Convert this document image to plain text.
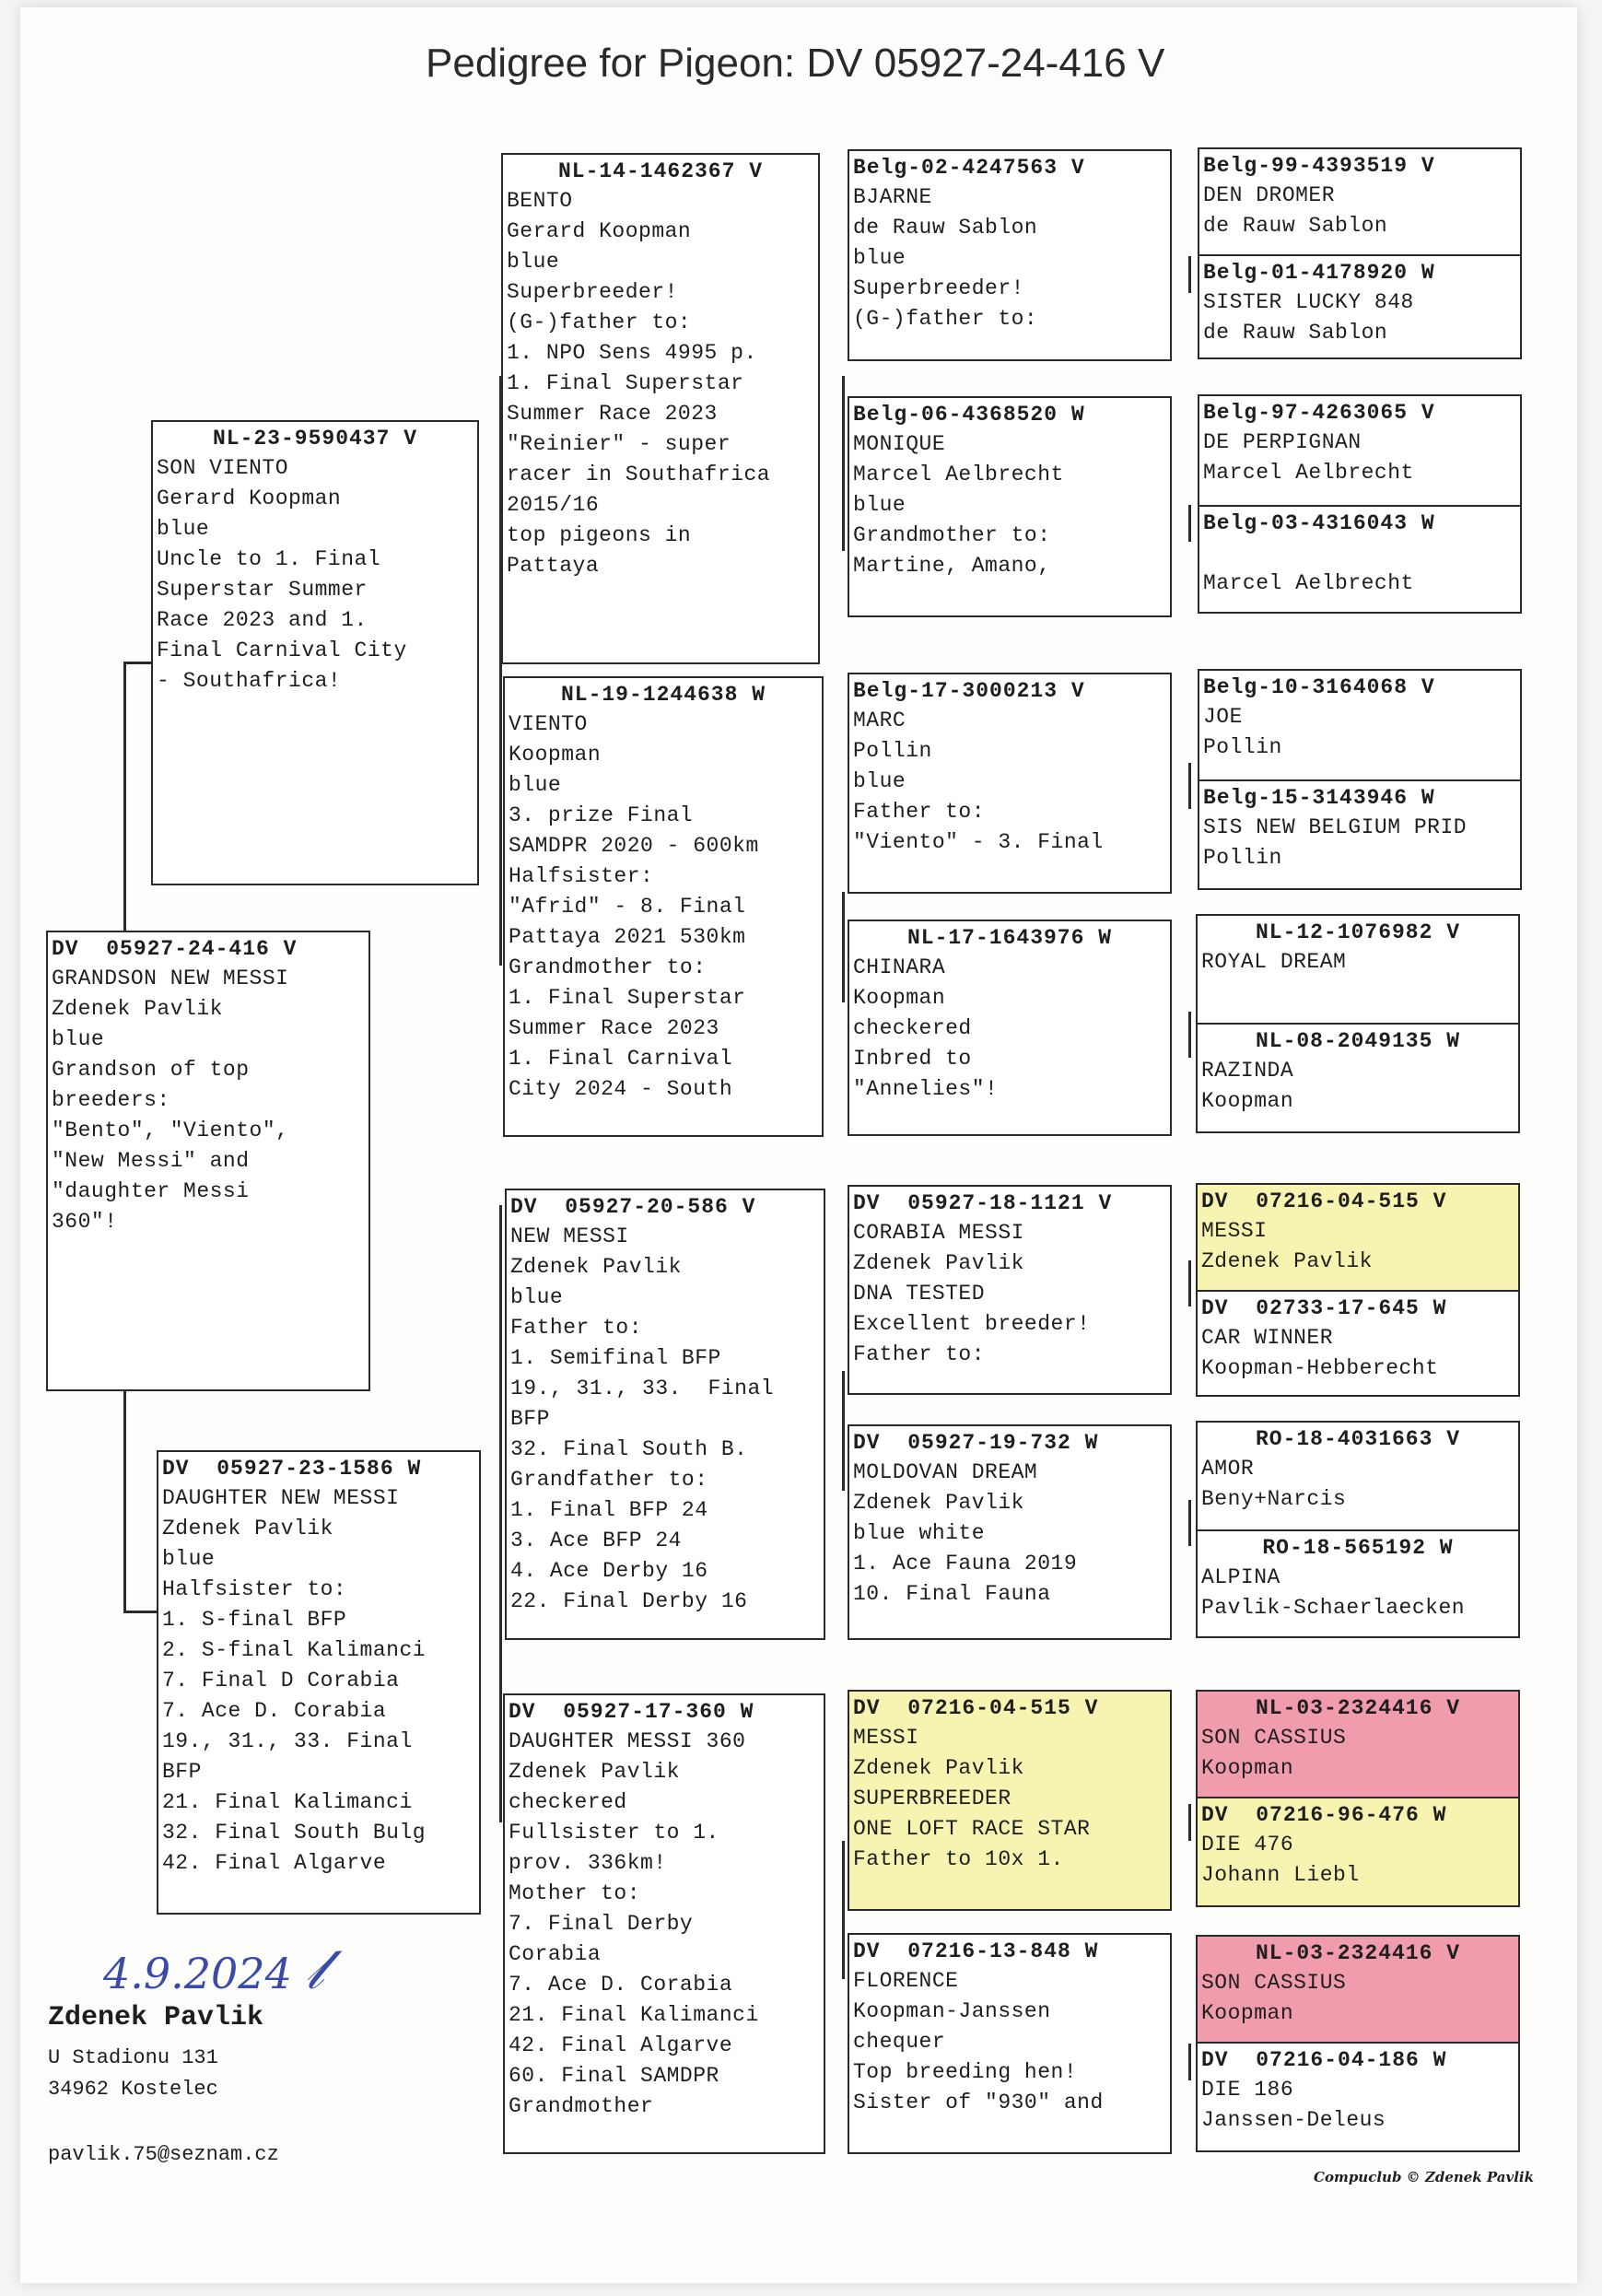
Pedigree for Pigeon: DV 05927-24-416 V
DV  05927-24-416 V
GRANDSON NEW MESSI
Zdenek Pavlik
blue
Grandson of top
breeders:
"Bento", "Viento",
"New Messi" and
"daughter Messi
360"!
NL-23-9590437 V
SON VIENTO
Gerard Koopman
blue
Uncle to 1. Final
Superstar Summer
Race 2023 and 1.
Final Carnival City
- Southafrica!
DV  05927-23-1586 W
DAUGHTER NEW MESSI
Zdenek Pavlik
blue
Halfsister to:
1. S-final BFP
2. S-final Kalimanci
7. Final D Corabia
7. Ace D. Corabia
19., 31., 33. Final
BFP
21. Final Kalimanci
32. Final South Bulg
42. Final Algarve
NL-14-1462367 V
BENTO
Gerard Koopman
blue
Superbreeder!
(G-)father to:
1. NPO Sens 4995 p.
1. Final Superstar
Summer Race 2023
"Reinier" - super
racer in Southafrica
2015/16
top pigeons in
Pattaya
NL-19-1244638 W
VIENTO
Koopman
blue
3. prize Final
SAMDPR 2020 - 600km
Halfsister:
"Afrid" - 8. Final
Pattaya 2021 530km
Grandmother to:
1. Final Superstar
Summer Race 2023
1. Final Carnival
City 2024 - South
DV  05927-20-586 V
NEW MESSI
Zdenek Pavlik
blue
Father to:
1. Semifinal BFP
19., 31., 33.  Final
BFP
32. Final South B.
Grandfather to:
1. Final BFP 24
3. Ace BFP 24
4. Ace Derby 16
22. Final Derby 16
DV  05927-17-360 W
DAUGHTER MESSI 360
Zdenek Pavlik
checkered
Fullsister to 1.
prov. 336km!
Mother to:
7. Final Derby
Corabia
7. Ace D. Corabia
21. Final Kalimanci
42. Final Algarve
60. Final SAMDPR
Grandmother
Belg-02-4247563 V
BJARNE
de Rauw Sablon
blue
Superbreeder!
(G-)father to:
Belg-06-4368520 W
MONIQUE
Marcel Aelbrecht
blue
Grandmother to:
Martine, Amano,
Belg-17-3000213 V
MARC
Pollin
blue
Father to:
"Viento" - 3. Final
NL-17-1643976 W
CHINARA
Koopman
checkered
Inbred to
"Annelies"!
DV  05927-18-1121 V
CORABIA MESSI
Zdenek Pavlik
DNA TESTED
Excellent breeder!
Father to:
DV  05927-19-732 W
MOLDOVAN DREAM
Zdenek Pavlik
blue white
1. Ace Fauna 2019
10. Final Fauna
DV  07216-04-515 V
MESSI
Zdenek Pavlik
SUPERBREEDER
ONE LOFT RACE STAR
Father to 10x 1.
DV  07216-13-848 W
FLORENCE
Koopman-Janssen
chequer
Top breeding hen!
Sister of "930" and
Belg-99-4393519 V
DEN DROMER
de Rauw Sablon
Belg-01-4178920 W
SISTER LUCKY 848
de Rauw Sablon
Belg-97-4263065 V
DE PERPIGNAN
Marcel Aelbrecht
Belg-03-4316043 W

Marcel Aelbrecht
Belg-10-3164068 V
JOE
Pollin
Belg-15-3143946 W
SIS NEW BELGIUM PRID
Pollin
NL-12-1076982 V
ROYAL DREAM
NL-08-2049135 W
RAZINDA
Koopman
DV  07216-04-515 V
MESSI
Zdenek Pavlik
DV  02733-17-645 W
CAR WINNER
Koopman-Hebberecht
RO-18-4031663 V
AMOR
Beny+Narcis
RO-18-565192 W
ALPINA
Pavlik-Schaerlaecken
NL-03-2324416 V
SON CASSIUS
Koopman
DV  07216-96-476 W
DIE 476
Johann Liebl
NL-03-2324416 V
SON CASSIUS
Koopman
DV  07216-04-186 W
DIE 186
Janssen-Deleus
4.9.2024 𝓁
Zdenek Pavlik
U Stadionu 131
34962 Kostelec
pavlik.75@seznam.cz
Compuclub © Zdenek Pavlik
